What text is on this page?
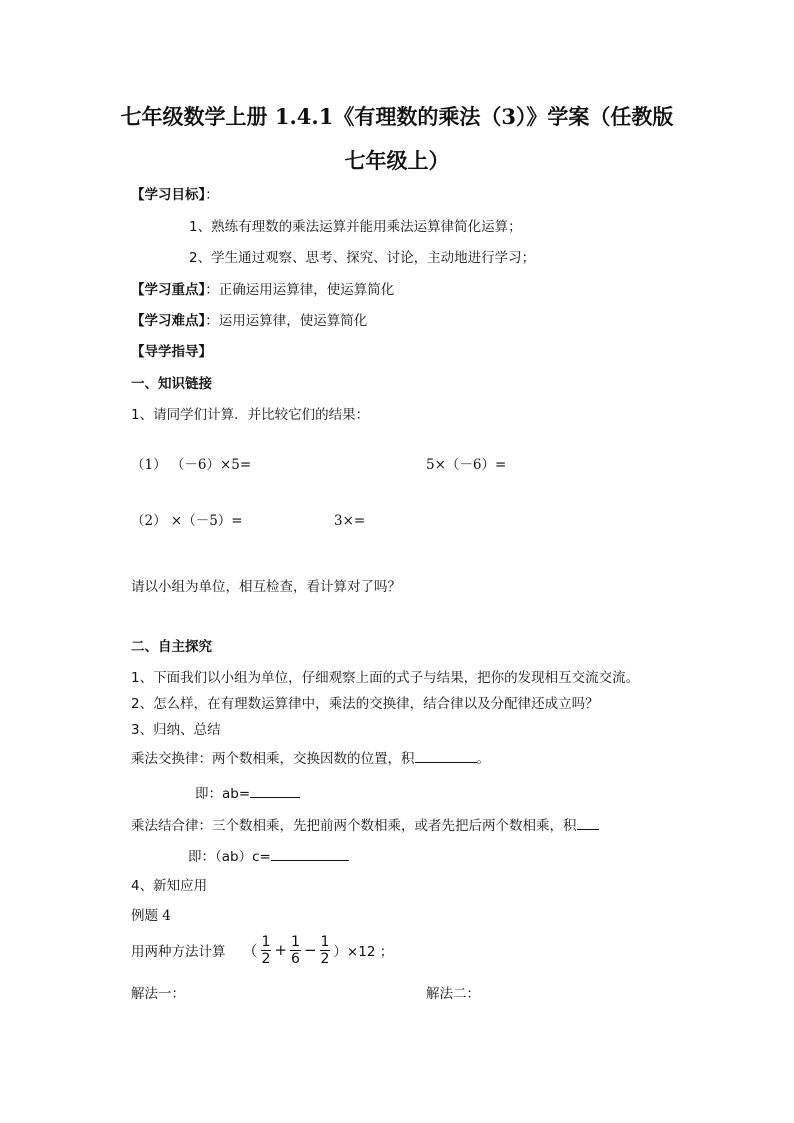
七年级数学上册 1.4.1《有理数的乘法（3）》学案（任教版
七年级上）
【学习目标】：
1、熟练有理数的乘法运算并能用乘法运算律简化运算；
2、学生通过观察、思考、探究、讨论，主动地进行学习；
【学习重点】：正确运用运算律，使运算简化
【学习难点】：运用运算律，使运算简化
【导学指导】
一、知识链接
1、请同学们计算．并比较它们的结果：
（1） （－6）×5=	5×（－6）=
（2） ×（－5）=	3×=
请以小组为单位，相互检查，看计算对了吗？
二、自主探究
1、下面我们以小组为单位，仔细观察上面的式子与结果，把你的发现相互交流交流。
2、怎么样，在有理数运算律中，乘法的交换律，结合律以及分配律还成立吗？
3、归纳、总结
乘法交换律：两个数相乘，交换因数的位置，积	。
即：ab=
乘法结合律：三个数相乘，先把前两个数相乘，或者先把后两个数相乘，积
即：（ab）c=
4、新知应用
例题 4
用两种方法计算 （ $\frac{1}{2} + \frac{1}{6} - \frac{1}{2} )\times 12$ ；
解法一：	解法二：
